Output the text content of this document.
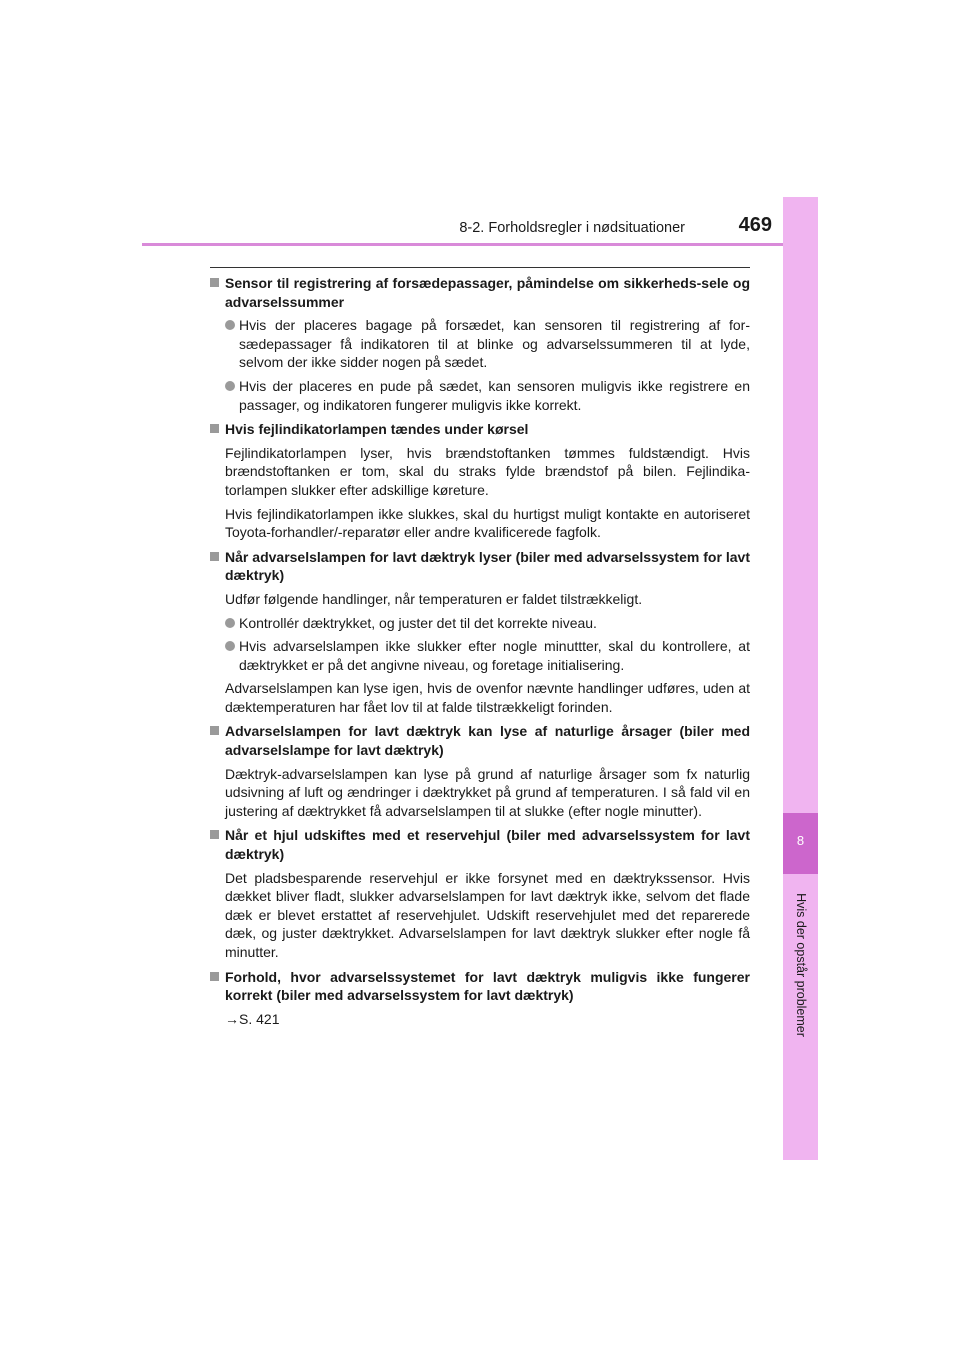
8-2. Forholdsregler i nødsituationer	469
8
Hvis der opstår problemer
Sensor til registrering af forsædepassager, påmindelse om sikkerheds-sele og advarselssummer
Hvis der placeres bagage på forsædet, kan sensoren til registrering af for-sædepassager få indikatoren til at blinke og advarselssummeren til at lyde, selvom der ikke sidder nogen på sædet.
Hvis der placeres en pude på sædet, kan sensoren muligvis ikke registrere en passager, og indikatoren fungerer muligvis ikke korrekt.
Hvis fejlindikatorlampen tændes under kørsel
Fejlindikatorlampen lyser, hvis brændstoftanken tømmes fuldstændigt. Hvis brændstoftanken er tom, skal du straks fylde brændstof på bilen. Fejlindika-torlampen slukker efter adskillige køreture.
Hvis fejlindikatorlampen ikke slukkes, skal du hurtigst muligt kontakte en autoriseret Toyota-forhandler/-reparatør eller andre kvalificerede fagfolk.
Når advarselslampen for lavt dæktryk lyser (biler med advarselssystem for lavt dæktryk)
Udfør følgende handlinger, når temperaturen er faldet tilstrækkeligt.
Kontrollér dæktrykket, og juster det til det korrekte niveau.
Hvis advarselslampen ikke slukker efter nogle minuttter, skal du kontrollere, at dæktrykket er på det angivne niveau, og foretage initialisering.
Advarselslampen kan lyse igen, hvis de ovenfor nævnte handlinger udføres, uden at dæktemperaturen har fået lov til at falde tilstrækkeligt forinden.
Advarselslampen for lavt dæktryk kan lyse af naturlige årsager (biler med advarselslampe for lavt dæktryk)
Dæktryk-advarselslampen kan lyse på grund af naturlige årsager som fx naturlig udsivning af luft og ændringer i dæktrykket på grund af temperaturen. I så fald vil en justering af dæktrykket få advarselslampen til at slukke (efter nogle minutter).
Når et hjul udskiftes med et reservehjul (biler med advarselssystem for lavt dæktryk)
Det pladsbesparende reservehjul er ikke forsynet med en dæktrykssensor. Hvis dækket bliver fladt, slukker advarselslampen for lavt dæktryk ikke, selvom det flade dæk er blevet erstattet af reservehjulet. Udskift reservehjulet med det reparerede dæk, og juster dæktrykket. Advarselslampen for lavt dæktryk slukker efter nogle få minutter.
Forhold, hvor advarselssystemet for lavt dæktryk muligvis ikke fungerer korrekt (biler med advarselssystem for lavt dæktryk)
→S. 421
